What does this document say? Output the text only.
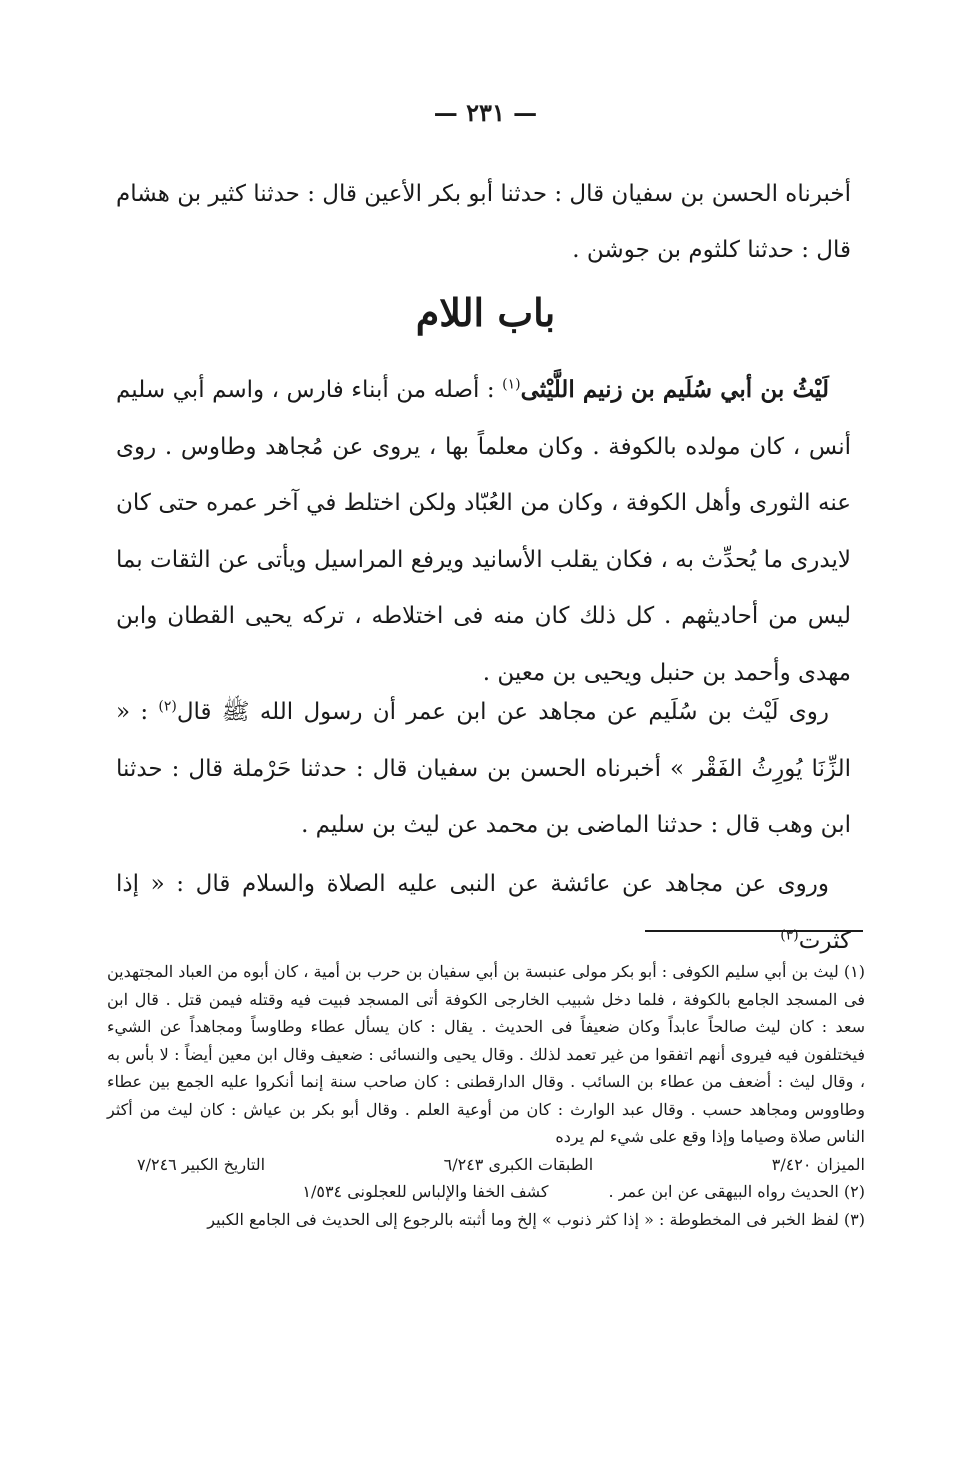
— ٢٣١ —
أخبرناه الحسن بن سفيان قال : حدثنا أبو بكر الأعين قال : حدثنا كثير بن هشام قال : حدثنا كلثوم بن جوشن .
باب اللام
لَيْثُ بن أبي سُلَيم بن زنيم اللَّيْثى$^{(١)}$ : أصله من أبناء فارس ، واسم أبي سليم أنس ، كان مولده بالكوفة . وكان معلماً بها ، يروى عن مُجاهد وطاوس . روى عنه الثورى وأهل الكوفة ، وكان من العُبّاد ولكن اختلط في آخر عمره حتى كان لايدرى ما يُحدِّث به ، فكان يقلب الأسانيد ويرفع المراسيل ويأتى عن الثقات بما ليس من أحاديثهم . كل ذلك كان منه فى اختلاطه ، تركه يحيى القطان وابن مهدى وأحمد بن حنبل ويحيى بن معين .
روى لَيْث بن سُلَيم عن مجاهد عن ابن عمر أن رسول الله ﷺ قال$^{(٢)}$ : « الزِّنَا يُورِثُ الفَقْر » أخبرناه الحسن بن سفيان قال : حدثنا حَرْملة قال : حدثنا ابن وهب قال : حدثنا الماضى بن محمد عن ليث بن سليم .
وروى عن مجاهد عن عائشة عن النبى عليه الصلاة والسلام قال : « إذا كثرت$^{(٣)}$

(١) ليث بن أبي سليم الكوفى : أبو بكر مولى عنبسة بن أبي سفيان بن حرب بن أمية ، كان أبوه من العباد المجتهدين فى المسجد الجامع بالكوفة ، فلما دخل شبيب الخارجى الكوفة أتى المسجد فبيت فيه وقتله فيمن قتل . قال ابن سعد : كان ليث صالحاً عابداً وكان ضعيفاً فى الحديث . يقال : كان يسأل عطاء وطاوساً ومجاهداً عن الشيء فيختلفون فيه فيروى أنهم اتفقوا من غير تعمد لذلك . وقال يحيى والنسائى : ضعيف وقال ابن معين أيضاً : لا بأس به ، وقال ليث : أضعف من عطاء بن السائب . وقال الدارقطنى : كان صاحب سنة إنما أنكروا عليه الجمع بين عطاء وطاووس ومجاهد حسب . وقال عبد الوارث : كان من أوعية العلم . وقال أبو بكر بن عياش : كان ليث من أكثر الناس صلاة وصياما وإذا وقع على شيء لم يرده

الميزان ٣/٤٢٠
الطبقات الكبرى ٦/٢٤٣
التاريخ الكبير ٧/٢٤٦

(٢) الحديث رواه البيهقى عن ابن عمر .
كشف الخفا والإلباس للعجلونى ١/٥٣٤

(٣) لفظ الخبر فى المخطوطة : « إذا كثر ذنوب » إلخ وما أثبته بالرجوع إلى الحديث فى الجامع الكبير
